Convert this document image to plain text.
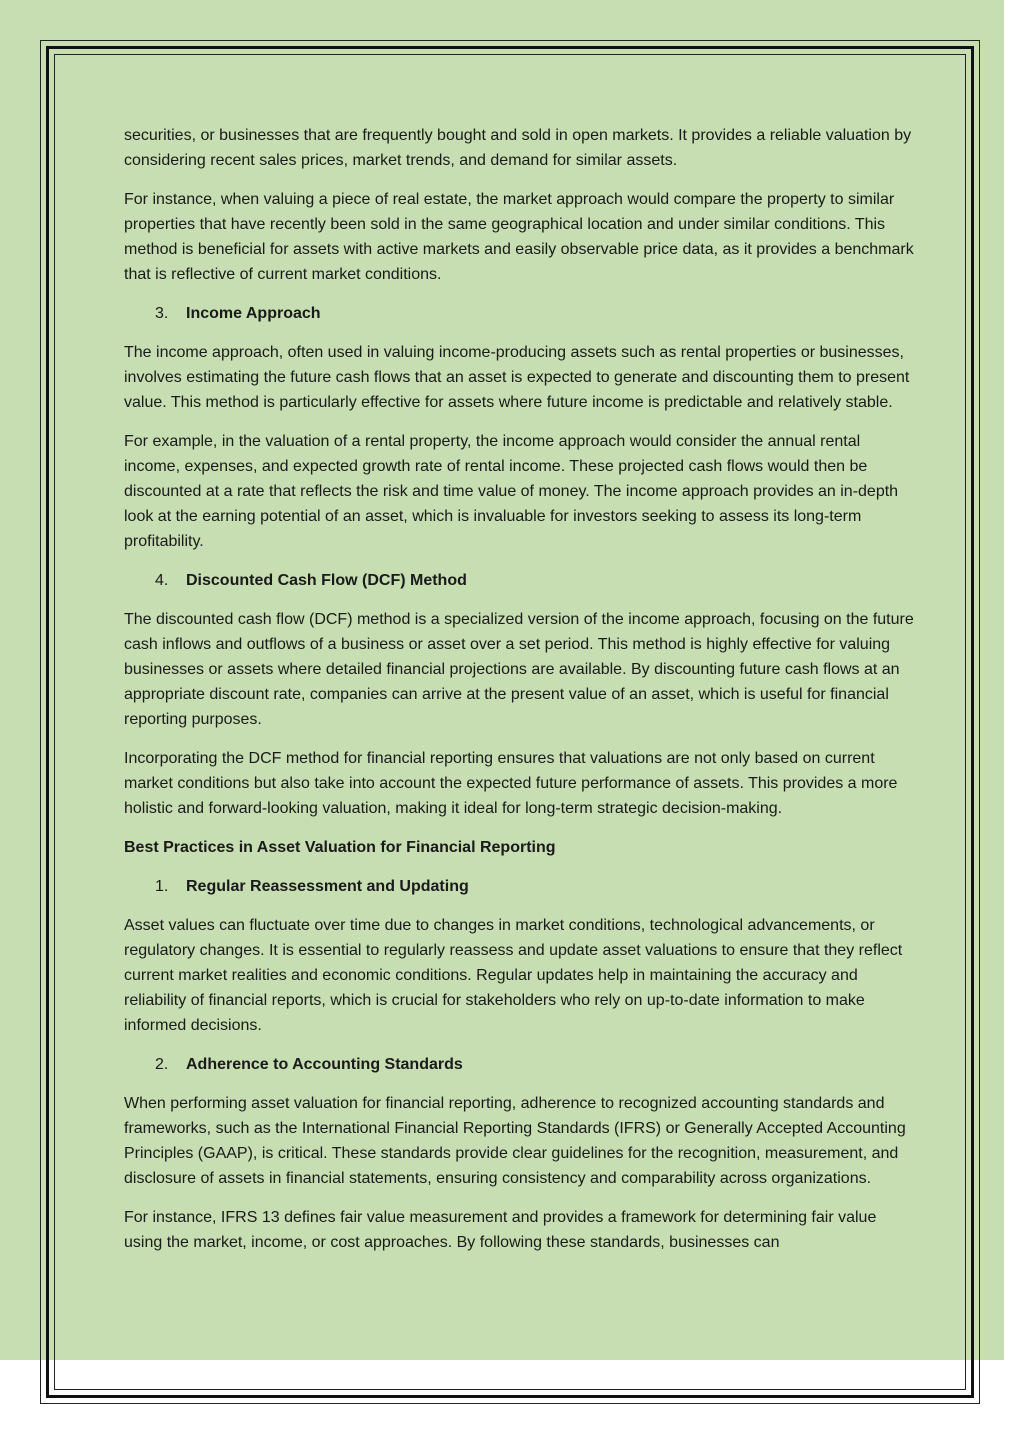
securities, or businesses that are frequently bought and sold in open markets. It provides a reliable valuation by considering recent sales prices, market trends, and demand for similar assets.

For instance, when valuing a piece of real estate, the market approach would compare the property to similar properties that have recently been sold in the same geographical location and under similar conditions. This method is beneficial for assets with active markets and easily observable price data, as it provides a benchmark that is reflective of current market conditions.

3. Income Approach

The income approach, often used in valuing income-producing assets such as rental properties or businesses, involves estimating the future cash flows that an asset is expected to generate and discounting them to present value. This method is particularly effective for assets where future income is predictable and relatively stable.

For example, in the valuation of a rental property, the income approach would consider the annual rental income, expenses, and expected growth rate of rental income. These projected cash flows would then be discounted at a rate that reflects the risk and time value of money. The income approach provides an in-depth look at the earning potential of an asset, which is invaluable for investors seeking to assess its long-term profitability.

4. Discounted Cash Flow (DCF) Method

The discounted cash flow (DCF) method is a specialized version of the income approach, focusing on the future cash inflows and outflows of a business or asset over a set period. This method is highly effective for valuing businesses or assets where detailed financial projections are available. By discounting future cash flows at an appropriate discount rate, companies can arrive at the present value of an asset, which is useful for financial reporting purposes.

Incorporating the DCF method for financial reporting ensures that valuations are not only based on current market conditions but also take into account the expected future performance of assets. This provides a more holistic and forward-looking valuation, making it ideal for long-term strategic decision-making.

Best Practices in Asset Valuation for Financial Reporting
1. Regular Reassessment and Updating

Asset values can fluctuate over time due to changes in market conditions, technological advancements, or regulatory changes. It is essential to regularly reassess and update asset valuations to ensure that they reflect current market realities and economic conditions. Regular updates help in maintaining the accuracy and reliability of financial reports, which is crucial for stakeholders who rely on up-to-date information to make informed decisions.

2. Adherence to Accounting Standards

When performing asset valuation for financial reporting, adherence to recognized accounting standards and frameworks, such as the International Financial Reporting Standards (IFRS) or Generally Accepted Accounting Principles (GAAP), is critical. These standards provide clear guidelines for the recognition, measurement, and disclosure of assets in financial statements, ensuring consistency and comparability across organizations.

For instance, IFRS 13 defines fair value measurement and provides a framework for determining fair value using the market, income, or cost approaches. By following these standards, businesses can
